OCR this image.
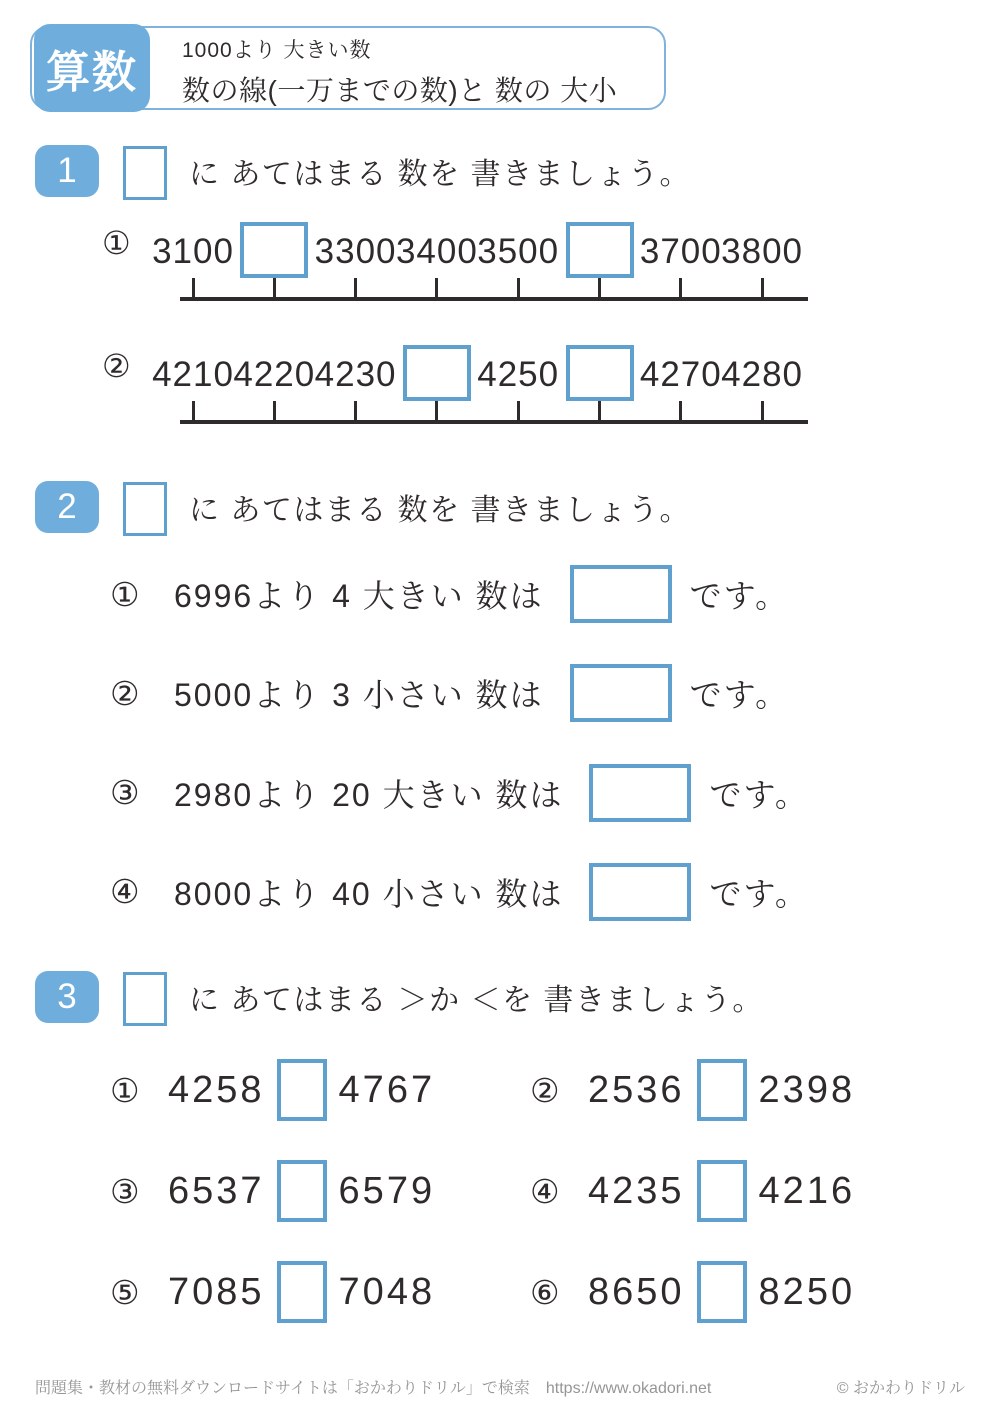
算数	1000より 大きい数
数の線(一万までの数)と 数の 大小
1	に あてはまる 数を 書きましょう。
① 3100 3300 3400 3500 3700 3800
② 4210 4220 4230 4250 4270 4280
2	に あてはまる 数を 書きましょう。
①	6996より 4 大きい 数は	です。
②	5000より 3 小さい 数は	です。
③	2980より 20 大きい 数は	です。
④	8000より 40 小さい 数は	です。
3	に あてはまる ＞か ＜を 書きましょう。
① 4258 4767	② 2536 2398
③ 6537 6579	④ 4235 4216
⑤ 7085 7048	⑥ 8650 8250
問題集・教材の無料ダウンロードサイトは「おかわりドリル」で検索 https://www.okadori.net	© おかわりドリル
